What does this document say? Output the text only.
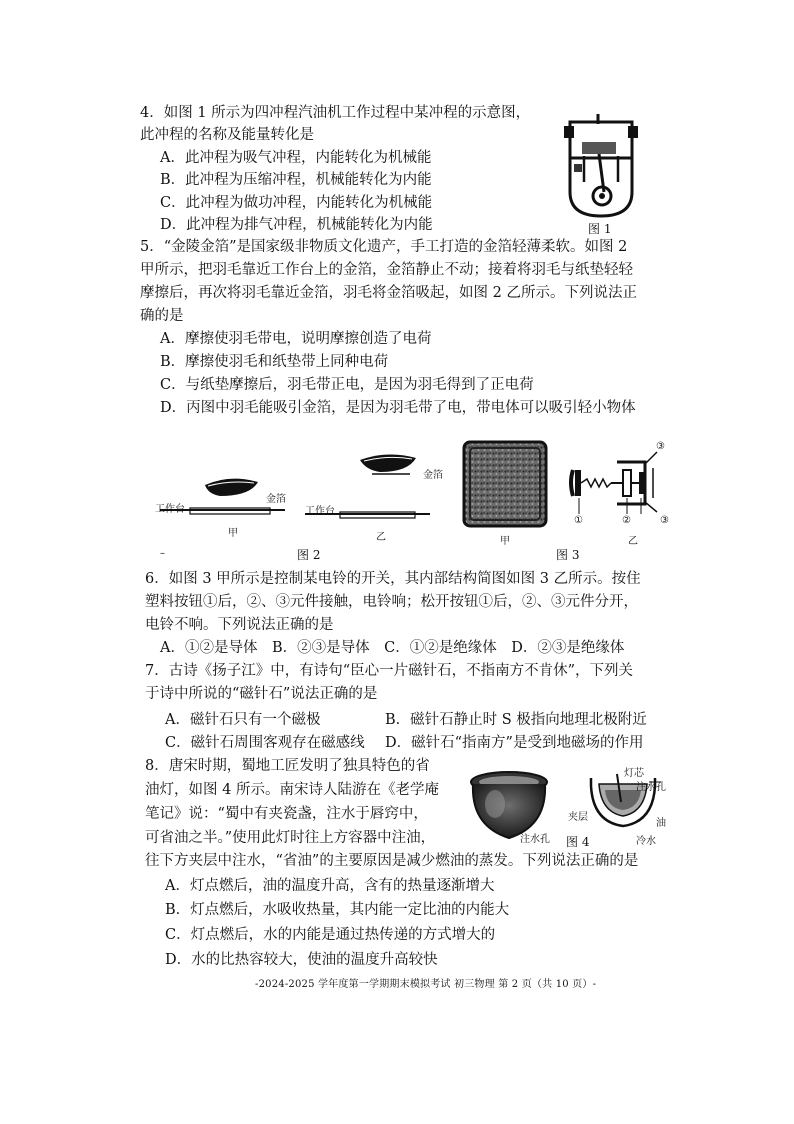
4．如图 1 所示为四冲程汽油机工作过程中某冲程的示意图，
此冲程的名称及能量转化是
A．此冲程为吸气冲程，内能转化为机械能
B．此冲程为压缩冲程，机械能转化为内能
C．此冲程为做功冲程，内能转化为机械能
D．此冲程为排气冲程，机械能转化为内能	图 1
5．“金陵金箔”是国家级非物质文化遗产，手工打造的金箔轻薄柔软。如图 2
甲所示，把羽毛靠近工作台上的金箔，金箔静止不动；接着将羽毛与纸垫轻轻
摩擦后，再次将羽毛靠近金箔，羽毛将金箔吸起，如图 2 乙所示。下列说法正
确的是
A．摩擦使羽毛带电，说明摩擦创造了电荷
B．摩擦使羽毛和纸垫带上同种电荷
C．与纸垫摩擦后，羽毛带正电，是因为羽毛得到了正电荷
D．丙图中羽毛能吸引金箔，是因为羽毛带了电，带电体可以吸引轻小物体
工作台
金箔
甲
工作台
金箔
乙
–	图 2
甲
③
①	②	③
乙
图 3
6．如图 3 甲所示是控制某电铃的开关，其内部结构简图如图 3 乙所示。按住
塑料按钮①后，②、③元件接触，电铃响；松开按钮①后，②、③元件分开，
电铃不响。下列说法正确的是
A．①②是导体　B．②③是导体　C．①②是绝缘体　D．②③是绝缘体
7．古诗《扬子江》中，有诗句“臣心一片磁针石，不指南方不肯休”，下列关
于诗中所说的“磁针石”说法正确的是
A．磁针石只有一个磁极	B．磁针石静止时 S 极指向地理北极附近
C．磁针石周围客观存在磁感线 D．磁针石“指南方”是受到地磁场的作用
8．唐宋时期，蜀地工匠发明了独具特色的省
油灯，如图 4 所示。南宋诗人陆游在《老学庵
笔记》说：“蜀中有夹瓷盏，注水于唇窍中，
可省油之半。”使用此灯时往上方容器中注油，
往下方夹层中注水，“省油”的主要原因是减少燃油的蒸发。下列说法正确的是
A．灯点燃后，油的温度升高，含有的热量逐渐增大
B．灯点燃后，水吸收热量，其内能一定比油的内能大
C．灯点燃后，水的内能是通过热传递的方式增大的
D．水的比热容较大，使油的温度升高较快
注水孔
灯芯
注水孔
夹层
油
冷水
图 4
-2024-2025 学年度第一学期期末模拟考试 初三物理 第 2 页（共 10 页）-
